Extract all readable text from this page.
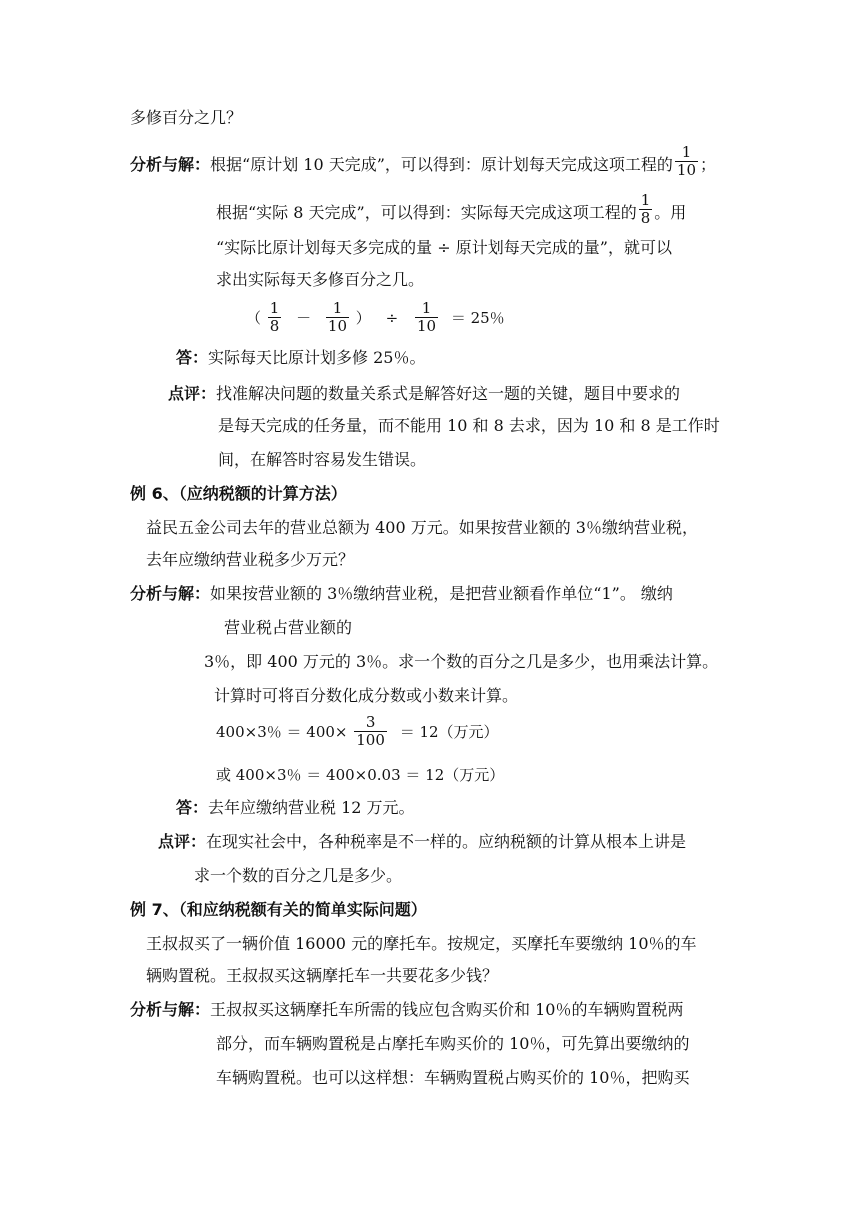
多修百分之几？
分析与解：根据“原计划 10 天完成”，可以得到：原计划每天完成这项工程的 $\frac{1}{10}$ ；
根据“实际 8 天完成”，可以得到：实际每天完成这项工程的 $\frac{1}{8}$ 。用
“实际比原计划每天多完成的量 ÷ 原计划每天完成的量”，就可以
求出实际每天多修百分之几。
（ $\frac{1}{8} - \frac{1}{10}$ ） ÷ $\frac{1}{10} = 25$％
答：实际每天比原计划多修 25％。
点评：找准解决问题的数量关系式是解答好这一题的关键，题目中要求的
是每天完成的任务量，而不能用 10 和 8 去求，因为 10 和 8 是工作时
间，在解答时容易发生错误。
例 6、（应纳税额的计算方法）
益民五金公司去年的营业总额为 400 万元。如果按营业额的 3％缴纳营业税，
去年应缴纳营业税多少万元？
分析与解：如果按营业额的 3％缴纳营业税，是把营业额看作单位“1”。 缴纳
营业税占营业额的
3％，即 400 万元的 3％。求一个数的百分之几是多少，也用乘法计算。
计算时可将百分数化成分数或小数来计算。
400×3％ ＝ $400\times \frac{3}{100} = 12$（万元）
或 400×3％ ＝ 400×0.03 ＝ 12（万元）
答：去年应缴纳营业税 12 万元。
点评：在现实社会中，各种税率是不一样的。应纳税额的计算从根本上讲是
求一个数的百分之几是多少。
例 7、（和应纳税额有关的简单实际问题）
王叔叔买了一辆价值 16000 元的摩托车。按规定，买摩托车要缴纳 10％的车
辆购置税。王叔叔买这辆摩托车一共要花多少钱？
分析与解：王叔叔买这辆摩托车所需的钱应包含购买价和 10％的车辆购置税两
部分，而车辆购置税是占摩托车购买价的 10％，可先算出要缴纳的
车辆购置税。也可以这样想：车辆购置税占购买价的 10％，把购买
